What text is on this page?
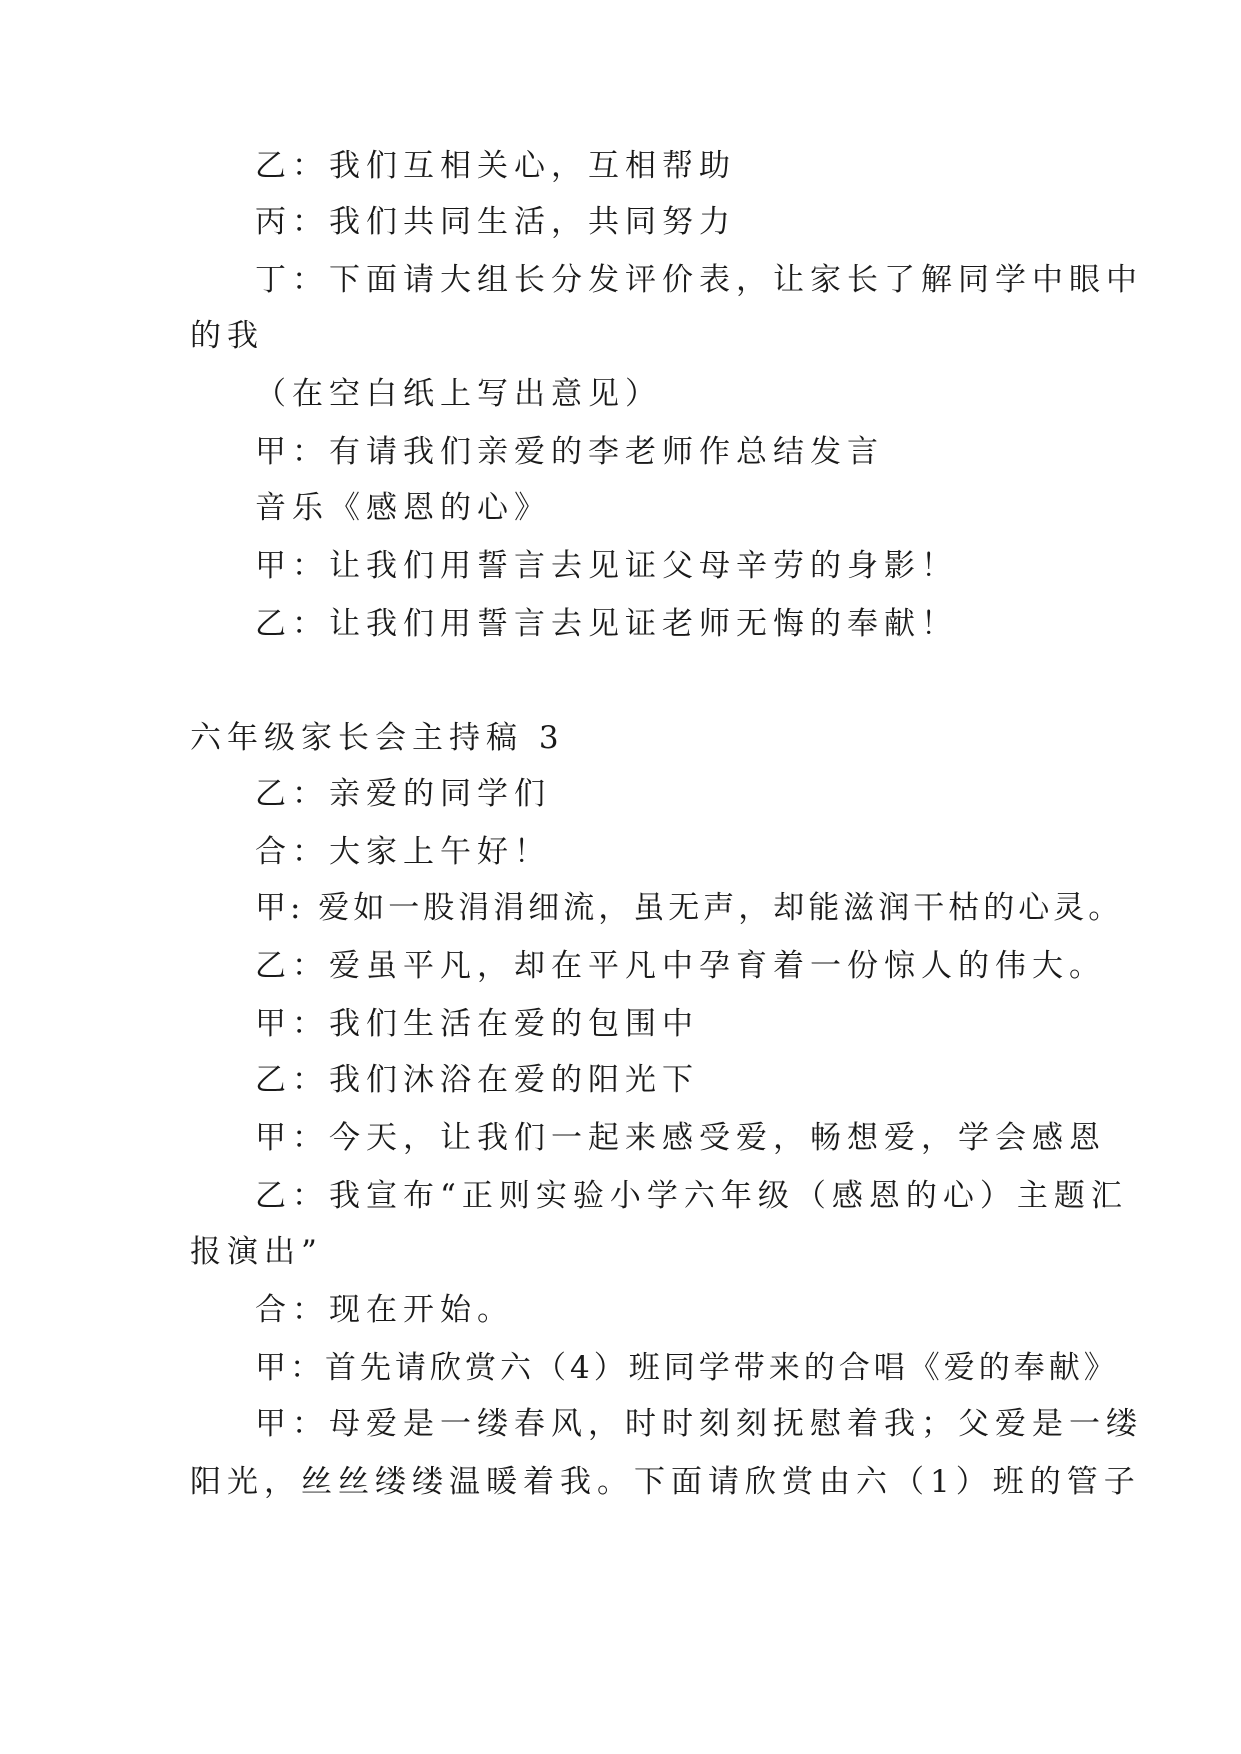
乙：我们互相关心，互相帮助
丙：我们共同生活，共同努力
丁：下面请大组长分发评价表，让家长了解同学中眼中
的我
（在空白纸上写出意见）
甲：有请我们亲爱的李老师作总结发言
音乐《感恩的心》
甲：让我们用誓言去见证父母辛劳的身影！
乙：让我们用誓言去见证老师无悔的奉献！
六年级家长会主持稿 3
乙：亲爱的同学们
合：大家上午好！
甲: 爱如一股涓涓细流，虽无声，却能滋润干枯的心灵。
乙：爱虽平凡，却在平凡中孕育着一份惊人的伟大。
甲：我们生活在爱的包围中
乙：我们沐浴在爱的阳光下
甲：今天，让我们一起来感受爱，畅想爱，学会感恩
乙：我宣布“正则实验小学六年级（感恩的心）主题汇
报演出”
合：现在开始。
甲：首先请欣赏六（4）班同学带来的合唱《爱的奉献》
甲：母爱是一缕春风，时时刻刻抚慰着我；父爱是一缕
阳光，丝丝缕缕温暖着我。下面请欣赏由六（1）班的管子
